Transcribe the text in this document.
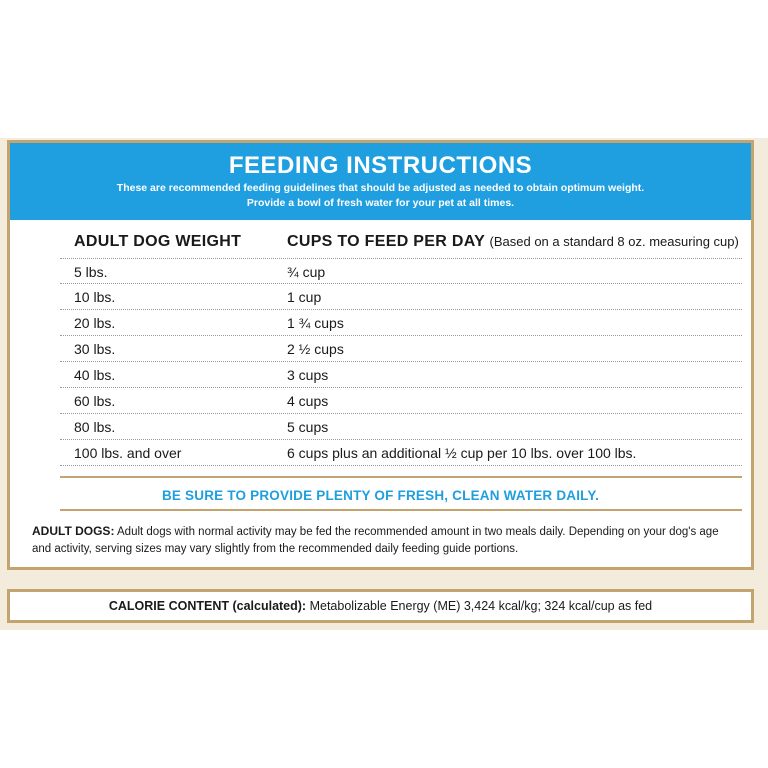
FEEDING INSTRUCTIONS
These are recommended feeding guidelines that should be adjusted as needed to obtain optimum weight.
Provide a bowl of fresh water for your pet at all times.
ADULT DOG WEIGHT	CUPS TO FEED PER DAY (Based on a standard 8 oz. measuring cup)
5 lbs.	¾ cup
10 lbs.	1 cup
20 lbs.	1 ¾ cups
30 lbs.	2 ½ cups
40 lbs.	3 cups
60 lbs.	4 cups
80 lbs.	5 cups
100 lbs. and over	6 cups plus an additional ½ cup per 10 lbs. over 100 lbs.
BE SURE TO PROVIDE PLENTY OF FRESH, CLEAN WATER DAILY.
ADULT DOGS: Adult dogs with normal activity may be fed the recommended amount in two meals daily. Depending on your dog's age and activity, serving sizes may vary slightly from the recommended daily feeding guide portions.
CALORIE CONTENT (calculated): Metabolizable Energy (ME) 3,424 kcal/kg; 324 kcal/cup as fed
